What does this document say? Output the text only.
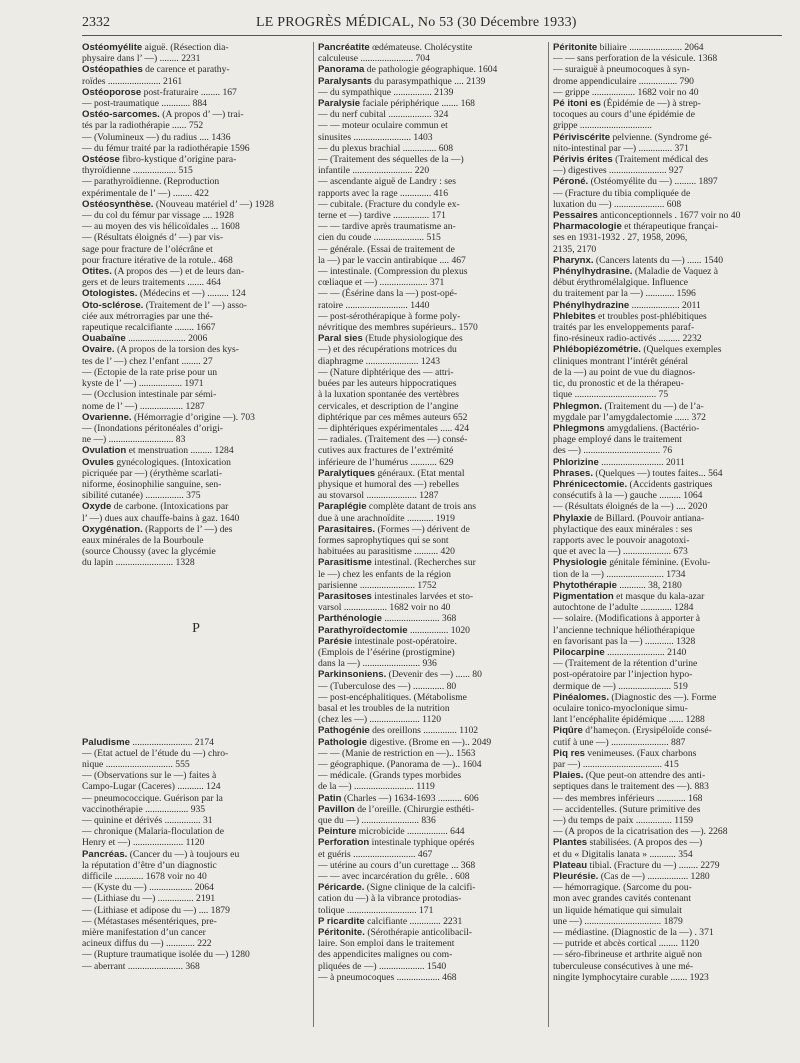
2332	LE PROGRÈS MÉDICAL, No 53 (30 Décembre 1933)

Ostéomyélite aiguë. (Résection dia-
physaire dans l’ —) ........ 2231

Ostéopathies de carence et parathy-
roïdes ...................... 2161

Ostéoporose post-fraturaire ........ 167
— post-traumatique ............ 884

Ostéo-sarcomes. (A propos d’ —) trai-
tés par la radiothérapie ...... 752
— (Volumineux —) du radius .... 1436
— du fémur traité par la radiothérapie 1596

Ostéose fibro-kystique d’origine para-
thyroïdienne .................. 515
— parathyroïdienne. (Reproduction
expérimentale de l’ —) ........ 422

Ostéosynthèse. (Nouveau matériel d’ —) 1928
— du col du fémur par vissage .... 1928
— au moyen des vis hélicoïdales ... 1608
— (Résultats éloignés d’ —) par vis-
sage pour fracture de l’olécrâne et
pour fracture itérative de la rotule.. 468

Otites. (A propos des —) et de leurs dan-
gers et de leurs traitements ....... 464

Otologistes. (Médecins et —) ......... 124

Oto-sclérose. (Traitement de l’ —) asso-
ciée aux métrorragies par une thé-
rapeutique recalcifiante ........ 1667

Ouabaïne ........................ 2006

Ovaire. (A propos de la torsion des kys-
tes de l’ —) chez l’enfant ........ 27
— (Ectopie de la rate prise pour un
kyste de l’ —) .................. 1971
— (Occlusion intestinale par sémi-
nome de l’ —) .................. 1287

Ovarienne. (Hémorragie d’origine —). 703
— (Inondations péritonéales d’origi-
ne —) ........................... 83

Ovulation et menstruation ......... 1284

Ovules gynécologiques. (Intoxication
picriquée par —) (érythème scarlati-
niforme, éosinophilie sanguine, sen-
sibilité cutanée) ................ 375

Oxyde de carbone. (Intoxications par
l’ —) dues aux chauffe-bains à gaz. 1640

Oxygénation. (Rapports de l’ —) des
eaux minérales de la Bourboule
(source Choussy (avec la glycémie
du lapin ........................ 1328

P

Paludisme ......................... 2174
— (Etat actuel de l’étude du —) chro-
nique ............................ 555
— (Observations sur le —) faites à
Campo-Lugar (Caceres) ........... 124
— pneumococcique. Guérison par la
vaccinothérapie .................. 935
— quinine et dérivés ............... 31
— chronique (Malaria-floculation de
Henry et —) ..................... 1120

Pancréas. (Cancer du —) à toujours eu
la réputation d’être d’un diagnostic
difficile ............ 1678 voir no 40
— (Kyste du —) .................. 2064
— (Lithiase du —) ............... 2191
— (Lithiase et adipose du —) .... 1879
— (Métastases mésentériques, pre-
mière manifestation d’un cancer
acineux diffus du —) ............ 222
— (Rupture traumatique isolée du —) 1280
— aberrant ....................... 368

Pancréatite œdémateuse. Cholécystite
calculeuse ...................... 704

Panorama de pathologie géographique. 1604

Paralysants du parasympathique .... 2139
— du sympathique ................ 2139

Paralysie faciale périphérique ....... 168
— du nerf cubital .................. 324
— — moteur oculaire commun et
sinusites ........................ 1403
— du plexus brachial .............. 608
— (Traitement des séquelles de la —)
infantile ......................... 220
— ascendante aiguë de Landry : ses
rapports avec la rage ............. 416
— cubitale. (Fracture du condyle ex-
terne et —) tardive ............... 171
— — tardive après traumatisme an-
cien du coude ..................... 515
— générale. (Essai de traitement de
la —) par le vaccin antirabique .... 467
— intestinale. (Compression du plexus
cœliaque et —) .................... 371
— — (Ésérine dans la —) post-opé-
ratoire .......................... 1440
— post-sérothérapique à forme poly-
névritique des membres supérieurs.. 1570

Paral sies (Etude physiologique des
—) et des récupérations motrices du
diaphragme ...................... 1243
— (Nature diphtérique des — attri-
buées par les auteurs hippocratiques
à la luxation spontanée des vertèbres
cervicales, et description de l’angine
diphtérique par ces mêmes auteurs 652
— diphtériques expérimentales ..... 424
— radiales. (Traitement des —) consé-
cutives aux fractures de l’extrémité
inférieure de l’humérus ........... 629

Paralytiques généraux. (Etat mental
physique et humoral des —) rebelles
au stovarsol ..................... 1287

Paraplégie complète datant de trois ans
due à une arachnoïdite ........... 1919

Parasitaires. (Formes —) dérivent de
formes saprophytiques qui se sont
habituées au parasitisme .......... 420

Parasitisme intestinal. (Recherches sur
le —) chez les enfants de la région
parisienne ....................... 1752

Parasitoses intestinales larvées et sto-
varsol .................. 1682 voir no 40

Parthénologie ....................... 368

Parathyroïdectomie ................ 1020

Parésie intestinale post-opératoire.
(Emplois de l’ésérine (prostigmine)
dans la —) ........................ 936

Parkinsoniens. (Devenir des —) ...... 80
— (Tuberculose des —) ............. 80
— post-encéphalitiques. (Métabolisme
basal et les troubles de la nutrition
(chez les —) ..................... 1120

Pathogénie des oreillons .............. 1102

Pathologie digestive. (Brome en —).. 2049
— — (Manie de restriction en —).. 1563
— géographique. (Panorama de —).. 1604
— médicale. (Grands types morbides
de la —) ......................... 1119

Patin (Charles —) 1634-1693 .......... 606

Pavillon de l’oreille. (Chirurgie esthéti-
que du —) ........................ 836

Peinture microbicide ................. 644

Perforation intestinale typhique opérés
et guéris .......................... 467
— utérine au cours d’un curettage ... 368
— — avec incarcération du grêle. . 608

Péricarde. (Signe clinique de la calcifi-
cation du —) à la vibrance protodias-
tolique ............................. 171

P ricardite calcifiante ............. 2231

Péritonite. (Sérothérapie anticolibacil-
laire. Son emploi dans le traitement
des appendicites malignes ou com-
pliquées de —) ................... 1540
— à pneumocoques .................. 468

Péritonite biliaire ...................... 2064
— — sans perforation de la vésicule. 1368
— suraiguë à pneumocoques à syn-
drome appendiculaire ................ 790
— grippe .................. 1682 voir no 40

Pé itoni es (Épidémie de —) à strep-
tocoques au cours d’une épidémie de
grippe ..............................

Périviscérite pelvienne. (Syndrome gé-
nito-intestinal par —) .............. 371

Périvis érites (Traitement médical des
—) digestives ........................ 927

Péroné. (Ostéomyélite du —) ......... 1897
— (Fracture du tibia compliquée de
luxation du —) ..................... 608

Pessaires anticonceptionnels . 1677 voir no 40

Pharmacologie et thérapeutique françai-
ses en 1931-1932 . 27, 1958, 2096,
2135, 2170

Pharynx. (Cancers latents du —) ...... 1540

Phénylhydrasine. (Maladie de Vaquez à
début érythromélalgique. Influence
du traitement par la —) ............ 1596

Phénylhydrazine .................... 2011

Phlebites et troubles post-phlébitiques
traités par les enveloppements paraf-
fino-résineux radio-activés ......... 2232

Phlébopiézométrie. (Quelques exemples
cliniques montrant l’intérêt général
de la —) au point de vue du diagnos-
tic, du pronostic et de la thérapeu-
tique .................................. 75

Phlegmon. (Traitement du —) de l’a-
mygdale par l’amygdalectomie ...... 372

Phlegmons amygdaliens. (Bactério-
phage employé dans le traitement
des —) ................................ 76

Phlorizine .......................... 2011

Phrases. (Quelques —) toutes faites... 564

Phrénicectomie. (Accidents gastriques
consécutifs à la —) gauche ......... 1064
— (Résultats éloignés de la —) .... 2020

Phylaxie de Billard. (Pouvoir antiana-
phylactique des eaux minérales : ses
rapports avec le pouvoir anagotoxi-
que et avec la —) .................... 673

Physiologie génitale féminine. (Evolu-
tion de la —) ........................ 1734

Phytothérapie ........... 38, 2180

Pigmentation et masque du kala-azar
autochtone de l’adulte ............. 1284
— solaire. (Modifications à apporter à
l’ancienne technique héliothérapique
en favorisant pas la —) ............ 1328

Pilocarpine ........................ 2140
— (Traitement de la rétention d’urine
post-opératoire par l’injection hypo-
dermique de —) ...................... 519

Pinéalomes. (Diagnostic des —). Forme
oculaire tonico-myoclonique simu-
lant l’encéphalite épidémique ...... 1288

Piqûre d’hameçon. (Erysipéloïde consé-
cutif à une —) ........................ 887

Piq res venimeuses. (Faux charbons
par —) ................................. 415

Plaies. (Que peut-on attendre des anti-
septiques dans le traitement des —). 883
— des membres inférieurs ............ 168
— accidentelles. (Suture primitive des
—) du temps de paix ............... 1159
— (A propos de la cicatrisation des —). 2268

Plantes stabilisées. (A propos des —)
et du « Digitalis lanata » ........... 354

Plateau tibial. (Fracture du —) ........ 2279

Pleurésie. (Cas de —) ................. 1280
— hémorragique. (Sarcome du pou-
mon avec grandes cavités contenant
un liquide hématique qui simulait
une —) ................................ 1879
— médiastine. (Diagnostic de la —) . 371
— putride et abcès cortical ........ 1120
— séro-fibrineuse et arthrite aiguë non
tuberculeuse consécutives à une mé-
ningite lymphocytaire curable ....... 1923
